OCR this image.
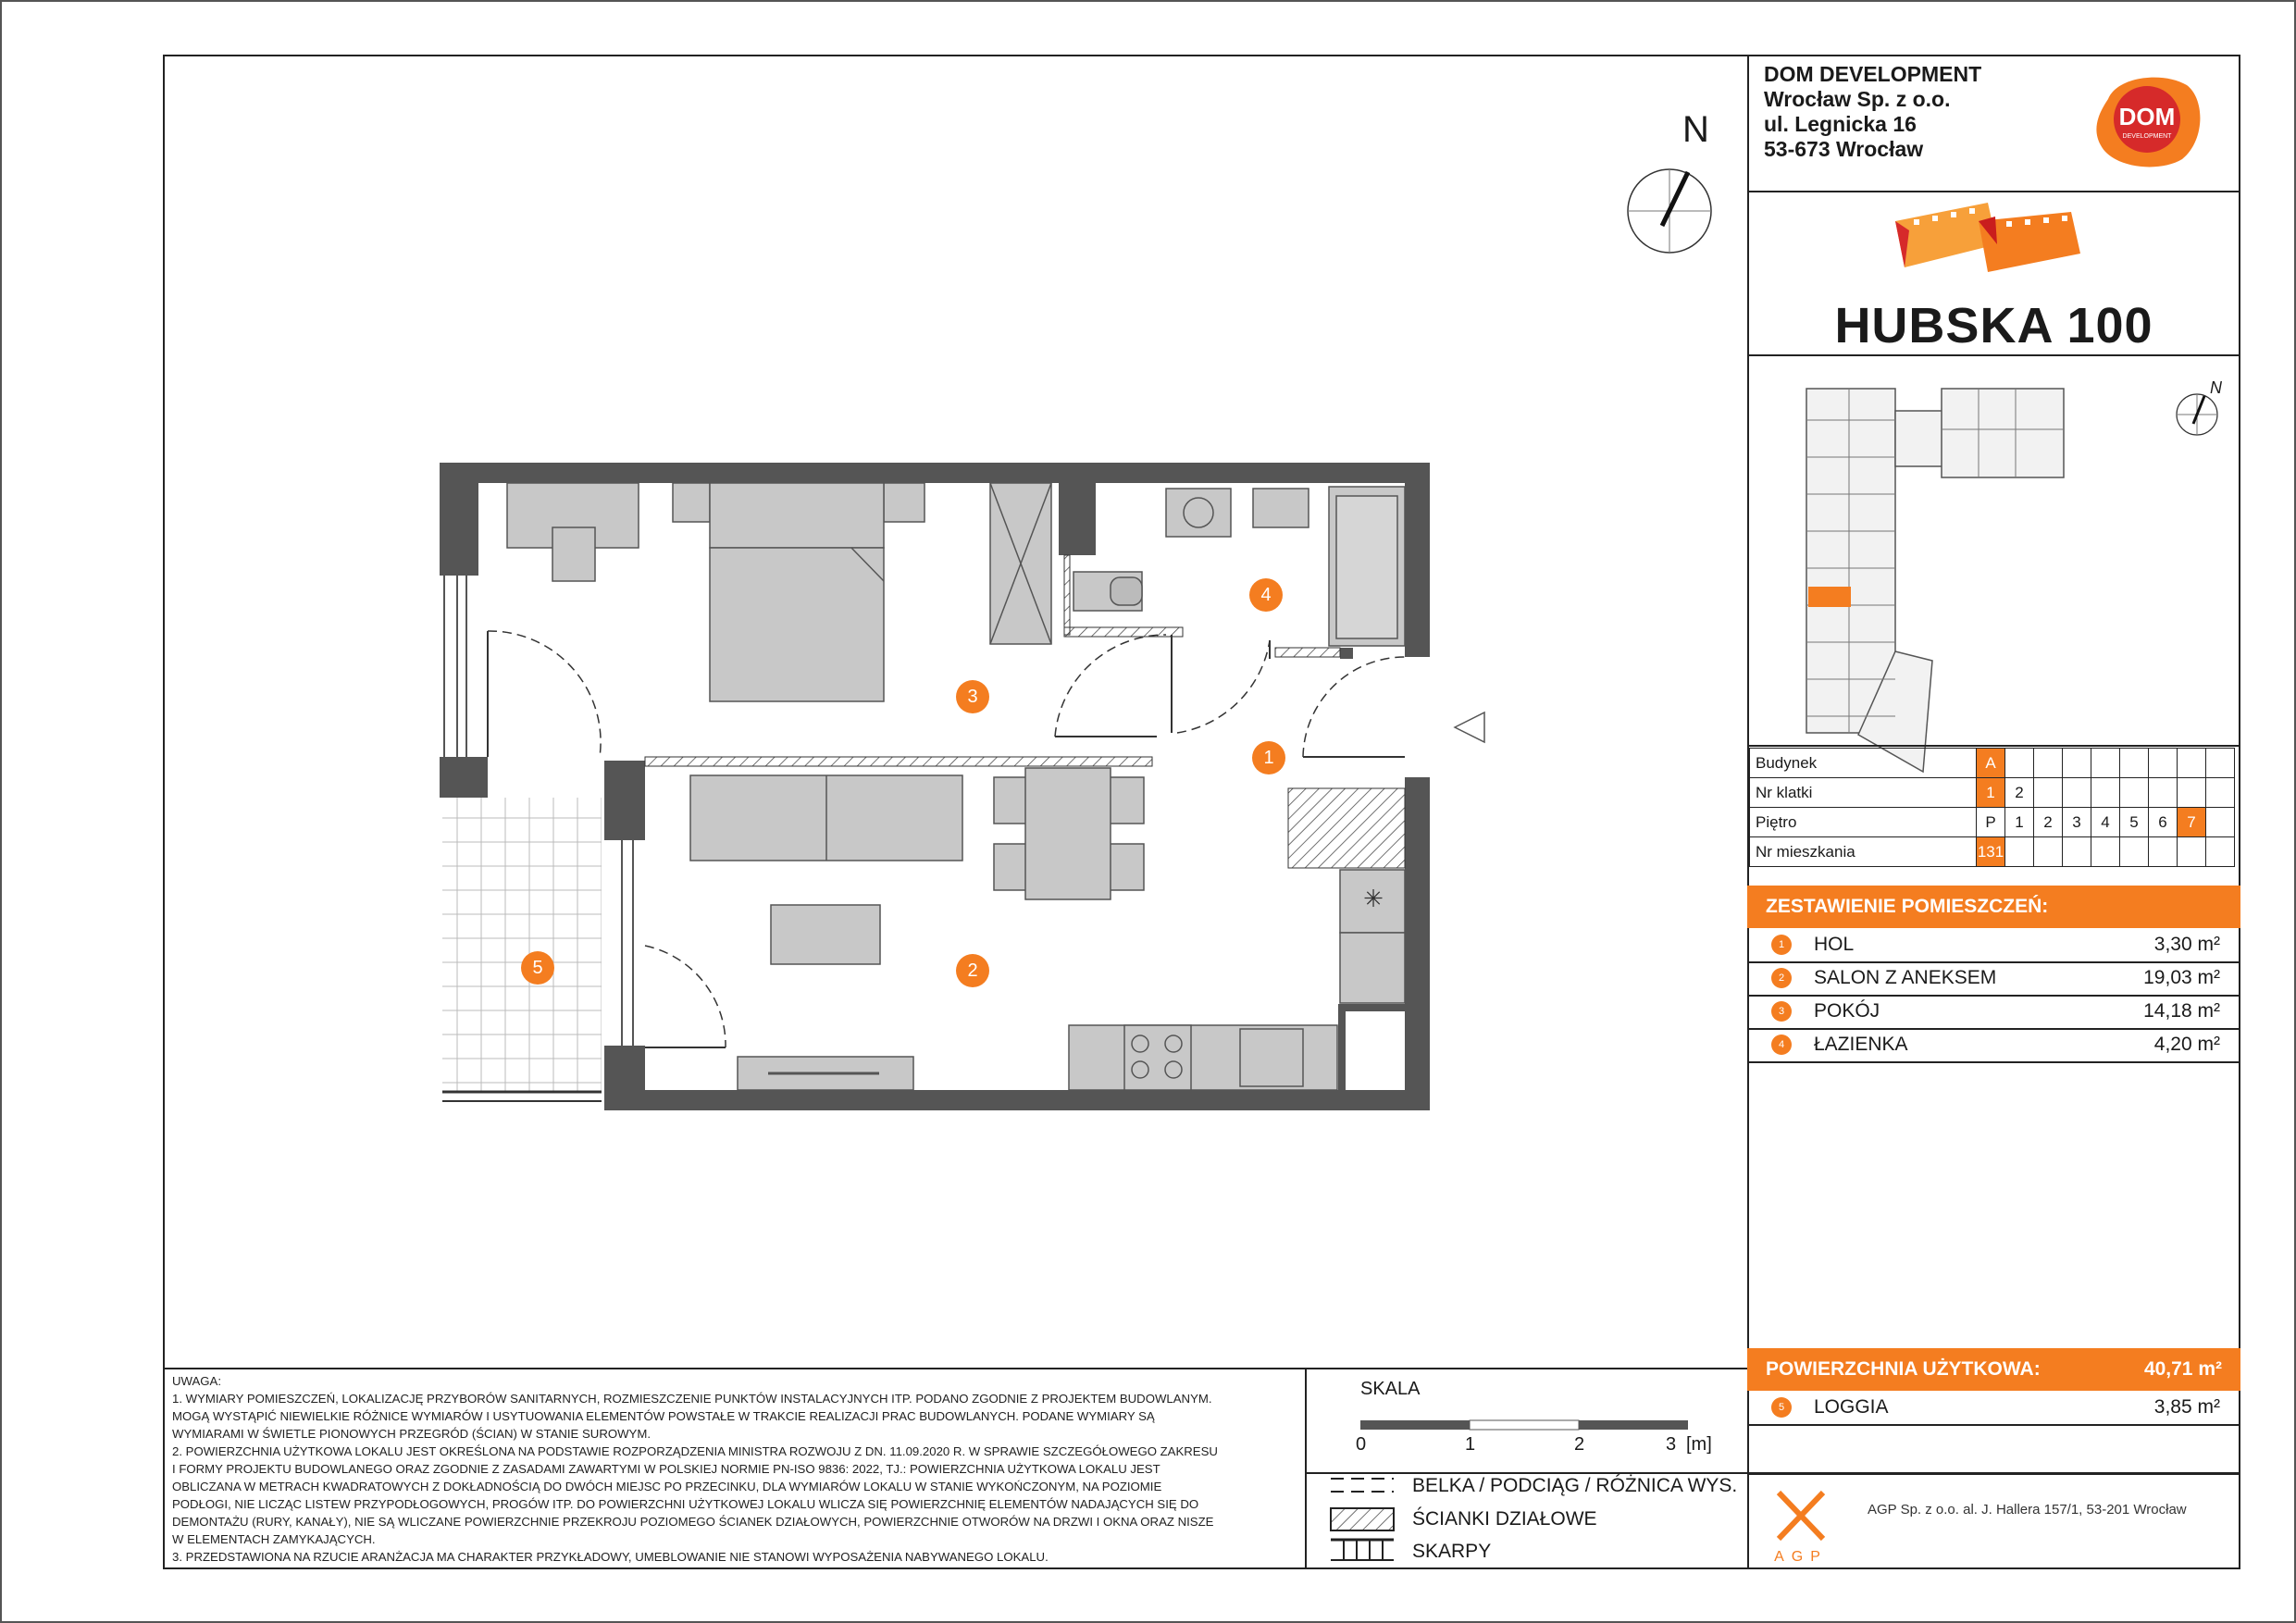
✳
N
SKALA
0	1	2	3 [m]
BELKA / PODCIĄG / RÓŻNICA WYS.
ŚCIANKI DZIAŁOWE
SKARPY
1
2
3
4
5
UWAGA:
1. WYMIARY POMIESZCZEŃ, LOKALIZACJĘ PRZYBORÓW SANITARNYCH, ROZMIESZCZENIE PUNKTÓW INSTALACYJNYCH ITP. PODANO ZGODNIE Z PROJEKTEM BUDOWLANYM.
MOGĄ WYSTĄPIĆ NIEWIELKIE RÓŻNICE WYMIARÓW I USYTUOWANIA ELEMENTÓW POWSTAŁE W TRAKCIE REALIZACJI PRAC BUDOWLANYCH. PODANE WYMIARY SĄ
WYMIARAMI W ŚWIETLE PIONOWYCH PRZEGRÓD (ŚCIAN) W STANIE SUROWYM.
2. POWIERZCHNIA UŻYTKOWA LOKALU JEST OKREŚLONA NA PODSTAWIE ROZPORZĄDZENIA MINISTRA ROZWOJU Z DN. 11.09.2020 R. W SPRAWIE SZCZEGÓŁOWEGO ZAKRESU
I FORMY PROJEKTU BUDOWLANEGO ORAZ ZGODNIE Z ZASADAMI ZAWARTYMI W POLSKIEJ NORMIE PN-ISO 9836: 2022, TJ.: POWIERZCHNIA UŻYTKOWA LOKALU JEST
OBLICZANA W METRACH KWADRATOWYCH Z DOKŁADNOŚCIĄ DO DWÓCH MIEJSC PO PRZECINKU, DLA WYMIARÓW LOKALU W STANIE WYKOŃCZONYM, NA POZIOMIE
PODŁOGI, NIE LICZĄC LISTEW PRZYPODŁOGOWYCH, PROGÓW ITP. DO POWIERZCHNI UŻYTKOWEJ LOKALU WLICZA SIĘ POWIERZCHNIĘ ELEMENTÓW NADAJĄCYCH SIĘ DO
DEMONTAŻU (RURY, KANAŁY), NIE SĄ WLICZANE POWIERZCHNIE PRZEKROJU POZIOMEGO ŚCIANEK DZIAŁOWYCH, POWIERZCHNIE OTWORÓW NA DRZWI I OKNA ORAZ NISZE
W ELEMENTACH ZAMYKAJĄCYCH.
3. PRZEDSTAWIONA NA RZUCIE ARANŻACJA MA CHARAKTER PRZYKŁADOWY, UMEBLOWANIE NIE STANOWI WYPOSAŻENIA NABYWANEGO LOKALU.
DOM DEVELOPMENT
Wrocław Sp. z o.o.
ul. Legnicka 16
53-673 Wrocław
DOM
DEVELOPMENT
HUBSKA 100
N
Budynek	A								
Nr klatki	1	2							
Piętro	P	1	2	3	4	5	6	7	
Nr mieszkania	131								
ZESTAWIENIE POMIESZCZEŃ:
1	HOL	3,30 m²
2	SALON Z ANEKSEM	19,03 m²
3	POKÓJ	14,18 m²
4	ŁAZIENKA	4,20 m²
POWIERZCHNIA UŻYTKOWA:	40,71 m²
5	LOGGIA	3,85 m²
AGP
AGP Sp. z o.o. al. J. Hallera 157/1, 53-201 Wrocław
